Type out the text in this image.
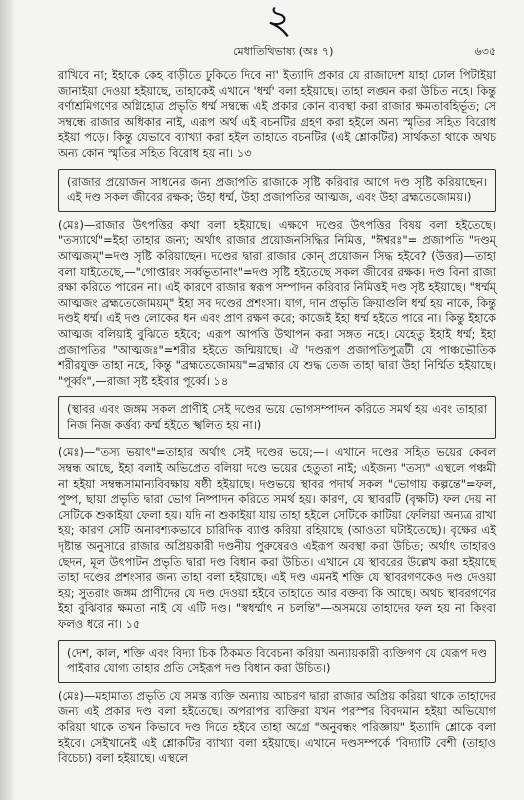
২
মেধাতিথিভাষ্য (অঃ ৭)	৬৩৫

রাখিবে না; ইহাকে কেহ বাড়ীতে ঢুকিতে দিবে না' ইত্যাদি প্রকার যে রাজাদেশ যাহা ঢোল পিটাইয়া জানাইয়া দেওয়া হইয়াছে, তাহাকেই এখানে 'ধর্ম্ম' বলা হইয়াছে। তাহা লঙ্ঘন করা উচিত নহে। কিন্তু বর্ণাশ্রমিগণের অগ্নিহোত্র প্রভৃতি ধর্ম্ম সম্বন্ধে এই প্রকার কোন ব্যবস্থা করা রাজার ক্ষমতাবহির্ভূত; সে সম্বন্ধে রাজার অধিকার নাই, এরূপ অর্থ এই বচনটির গ্রহণ করা হইলে অন্য স্মৃতির সহিত বিরোধ হইয়া পড়ে। কিন্তু যেভাবে ব্যাখ্যা করা হইল তাহাতে বচনটির (এই শ্লোকটির) সার্থকতা থাকে অথচ অন্য কোন স্মৃতির সহিত বিরোধ হয় না। ১৩

(রাজার প্রয়োজন সাধনের জন্য প্রজাপতি রাজাকে সৃষ্টি করিবার আগে দণ্ড সৃষ্টি করিয়াছেন। এই দণ্ড সকল জীবের রক্ষক; উহা ধর্ম্ম, উহা প্রজাপতির আত্মজ, এবং উহা ব্রহ্মতেজোময়।)

(মেঃ)—রাজার উৎপত্তির কথা বলা হইয়াছে। এক্ষণে দণ্ডের উৎপত্তির বিষয় বলা হইতেছে। "তস্যার্থে"=ইহা তাহার জন্য; অর্থাৎ রাজার প্রয়োজনসিদ্ধির নিমিত্ত, "ঈশ্বরঃ"= প্রজাপতি "দণ্ডম্ আত্মজম্"=দণ্ড সৃষ্টি করিয়াছেন। দণ্ডের দ্বারা রাজার কোন্ প্রয়োজন সিদ্ধ হইবে? (উত্তর)—তাহা বলা যাইতেছে,—"গোপ্তারং সর্ব্বভূতানাং"=দণ্ড সৃষ্টি হইতেছে সকল জীবের রক্ষক। দণ্ড বিনা রাজা রক্ষা করিতে পারেন না। এই কারণে রাজার স্বরূপ সম্পাদন করিবার নিমিত্তই দণ্ড সৃষ্ট হইয়াছে। "ধর্ম্মম্ আত্মজং ব্রহ্মতেজোময়ম্" ইহা সব দণ্ডের প্রশংসা। যাগ, দান প্রভৃতি ক্রিয়াগুলি ধর্ম্ম হয় নাকে, কিন্তু দণ্ডই ধর্ম্ম। এই দণ্ড লোকের ধন এবং প্রাণ রক্ষণ করে; কাজেই ইহা ধর্ম্ম হইতে পারে না। কিন্তু ইহাকে আত্মজ বলিয়াই বুঝিতে হইবে; এরূপ আপত্তি উত্থাপন করা সঙ্গত নহে। যেহেতু ইহাই ধর্ম্ম; ইহা প্রজাপতির "আত্মজঃ"=শরীর হইতে জন্মিয়াছে। ঐ 'দণ্ডরূপ প্রজাপতিপুত্রটী যে পাঞ্চভৌতিক শরীরযুক্ত তাহা নহে, কিন্তু "ব্রহ্মতেজোময়"=ব্রহ্মার যে শুদ্ধ তেজ তাহা দ্বারা উহা নির্ম্মিত হইয়াছে। "পূর্ব্বং",—রাজা সৃষ্ট হইবার পূর্ব্বে। ১৪

(স্থাবর এবং জঙ্গম সকল প্রাণীই সেই দণ্ডের ভয়ে ভোগসম্পাদন করিতে সমর্থ হয় এবং তাহারা নিজ নিজ কর্ত্তব্য কর্ম্ম হইতে স্খলিত হয় না।)

(মেঃ)—"তস্য ভয়াৎ"=তাহার অর্থাৎ সেই দণ্ডের ভয়ে;—। এখানে দণ্ডের সহিত ভয়ের কেবল সম্বন্ধ আছে, ইহা বলাই অভিপ্রেত বলিয়া দণ্ডে ভয়ের হেতুতা নাই; এইজন্য "তস্য" এস্থলে পঞ্চমী না হইয়া সম্বন্ধসামান্যবিবক্ষায় ষষ্ঠী হইয়াছে। দণ্ডভয়ে স্থাবর পদার্থ সকল "ভোগায় কল্পন্তে"=ফল, পুষ্প, ছায়া প্রভৃতি দ্বারা ভোগ নিষ্পাদন করিতে সমর্থ হয়। কারণ, যে স্থাবরটি (বৃক্ষটি) ফল দেয় না সেটিকে শুকাইয়া ফেলা হয়। যদি না শুকাইয়া যায় তাহা হইলে সেটিকে কাটিয়া ফেলিয়া অন্যত্র রাখা হয়; কারণ সেটি অনাবশ্যকভাবে চারিদিক ব্যাপ্ত করিয়া রহিয়াছে (আওতা ঘটাইতেছে)। বৃক্ষের এই দৃষ্টান্ত অনুসারে রাজার অপ্রিয়কারী দণ্ডনীয় পুরুষেরও এইরূপ অবস্থা করা উচিত; অর্থাৎ তাহারও ছেদন, মূল উৎপাটন প্রভৃতি দ্বারা দণ্ড বিধান করা উচিত। এখানে যে স্থাবরের উল্লেখ করা হইয়াছে তাহা দণ্ডের প্রশংসার জন্য তাহা বলা হইয়াছে। এই দণ্ড এমনই শক্তি যে স্থাবরগণকেও দণ্ড দেওয়া হয়; সুতরাং জঙ্গম প্রাণীদের যে দণ্ড দেওয়া হইবে তাহাতে আর বক্তব্য কি আছে। অথচ স্থাবরগণের ইহা বুঝিবার ক্ষমতা নাই যে এটি দণ্ড। "স্বধর্ম্মাৎ ন চলন্তি"—অসময়ে তাহাদের ফল হয় না কিংবা ফলও ধরে না। ১৫

(দেশ, কাল, শক্তি এবং বিদ্যা চিক ঠিকমত বিবেচনা করিয়া অন্যায়কারী ব্যক্তিগণ যে যেরূপ দণ্ড পাইবার যোগ্য তাহার প্রতি সেইরূপ দণ্ড বিধান করা উচিত।)

(মেঃ)—মহামাত্য প্রভৃতি যে সমস্ত ব্যক্তি অন্যায় আচরণ দ্বারা রাজার অপ্রিয় করিয়া থাকে তাহাদের জন্য এই প্রকার দণ্ড বলা হইতেছে। অপরাপর ব্যক্তিরা যখন পরস্পর বিবদমান হইয়া অভিযোগ করিয়া থাকে তখন কিভাবে দণ্ড দিতে হইবে তাহা অগ্রে "অনুবন্ধং পরিজ্ঞায়" ইত্যাদি শ্লোকে বলা হইবে। সেইখানেই এই শ্লোকটির ব্যাখ্যা বলা হইয়াছে। এখানে দণ্ডসম্পর্কে 'বিদ্যাটি বেশী (তাহাও বিচেচ্য) বলা হইয়াছে। এস্থলে
